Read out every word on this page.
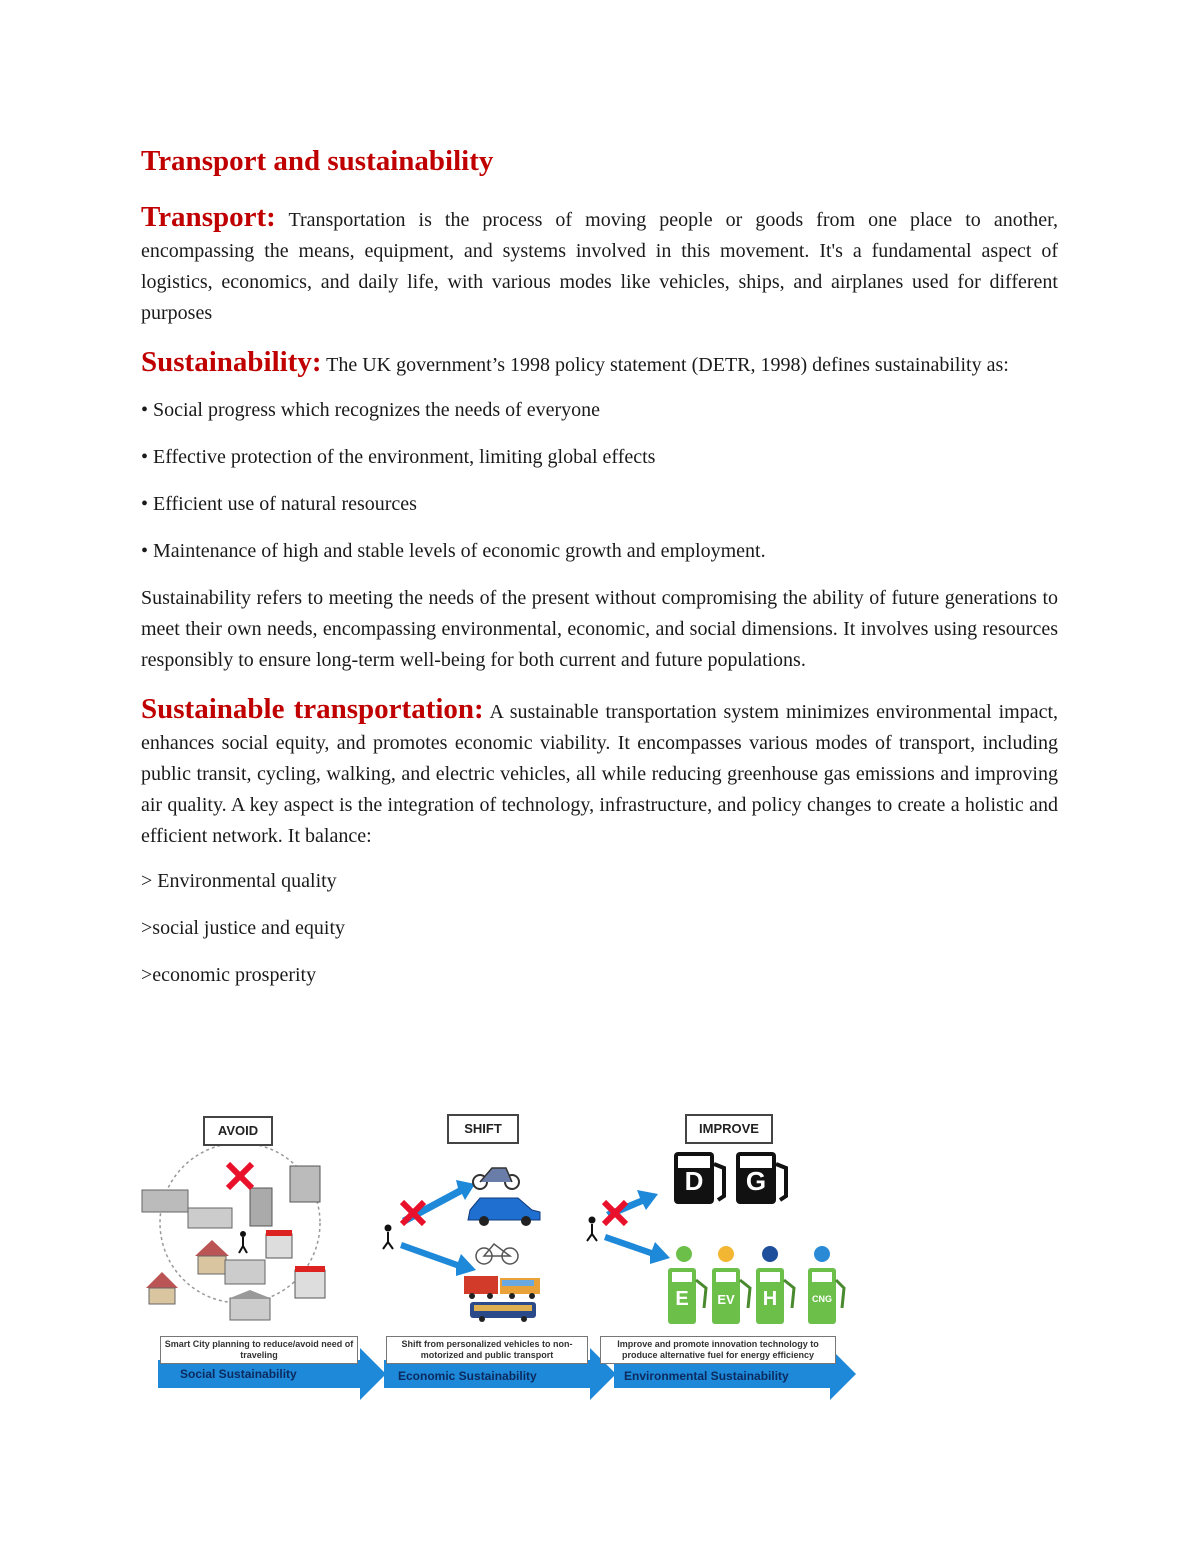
Transport and sustainability

Transport: Transportation is the process of moving people or goods from one place to another, encompassing the means, equipment, and systems involved in this movement. It's a fundamental aspect of logistics, economics, and daily life, with various modes like vehicles, ships, and airplanes used for different purposes

Sustainability: The UK government’s 1998 policy statement (DETR, 1998) defines sustainability as:

• Social progress which recognizes the needs of everyone
• Effective protection of the environment, limiting global effects
• Efficient use of natural resources
• Maintenance of high and stable levels of economic growth and employment.

Sustainability refers to meeting the needs of the present without compromising the ability of future generations to meet their own needs, encompassing environmental, economic, and social dimensions. It involves using resources responsibly to ensure long-term well-being for both current and future populations.

Sustainable transportation: A sustainable transportation system minimizes environmental impact, enhances social equity, and promotes economic viability. It encompasses various modes of transport, including public transit, cycling, walking, and electric vehicles, all while reducing greenhouse gas emissions and improving air quality. A key aspect is the integration of technology, infrastructure, and policy changes to create a holistic and efficient network. It balance:

> Environmental quality
>social justice and equity
>economic prosperity
AVOID	SHIFT	IMPROVE
D G
E	EV	H	CNG
Smart City planning to reduce/avoid need of traveling
Shift from personalized vehicles to non-motorized and public transport
Improve and promote innovation technology to produce alternative fuel for energy efficiency
Social Sustainability	Economic Sustainability	Environmental Sustainability
